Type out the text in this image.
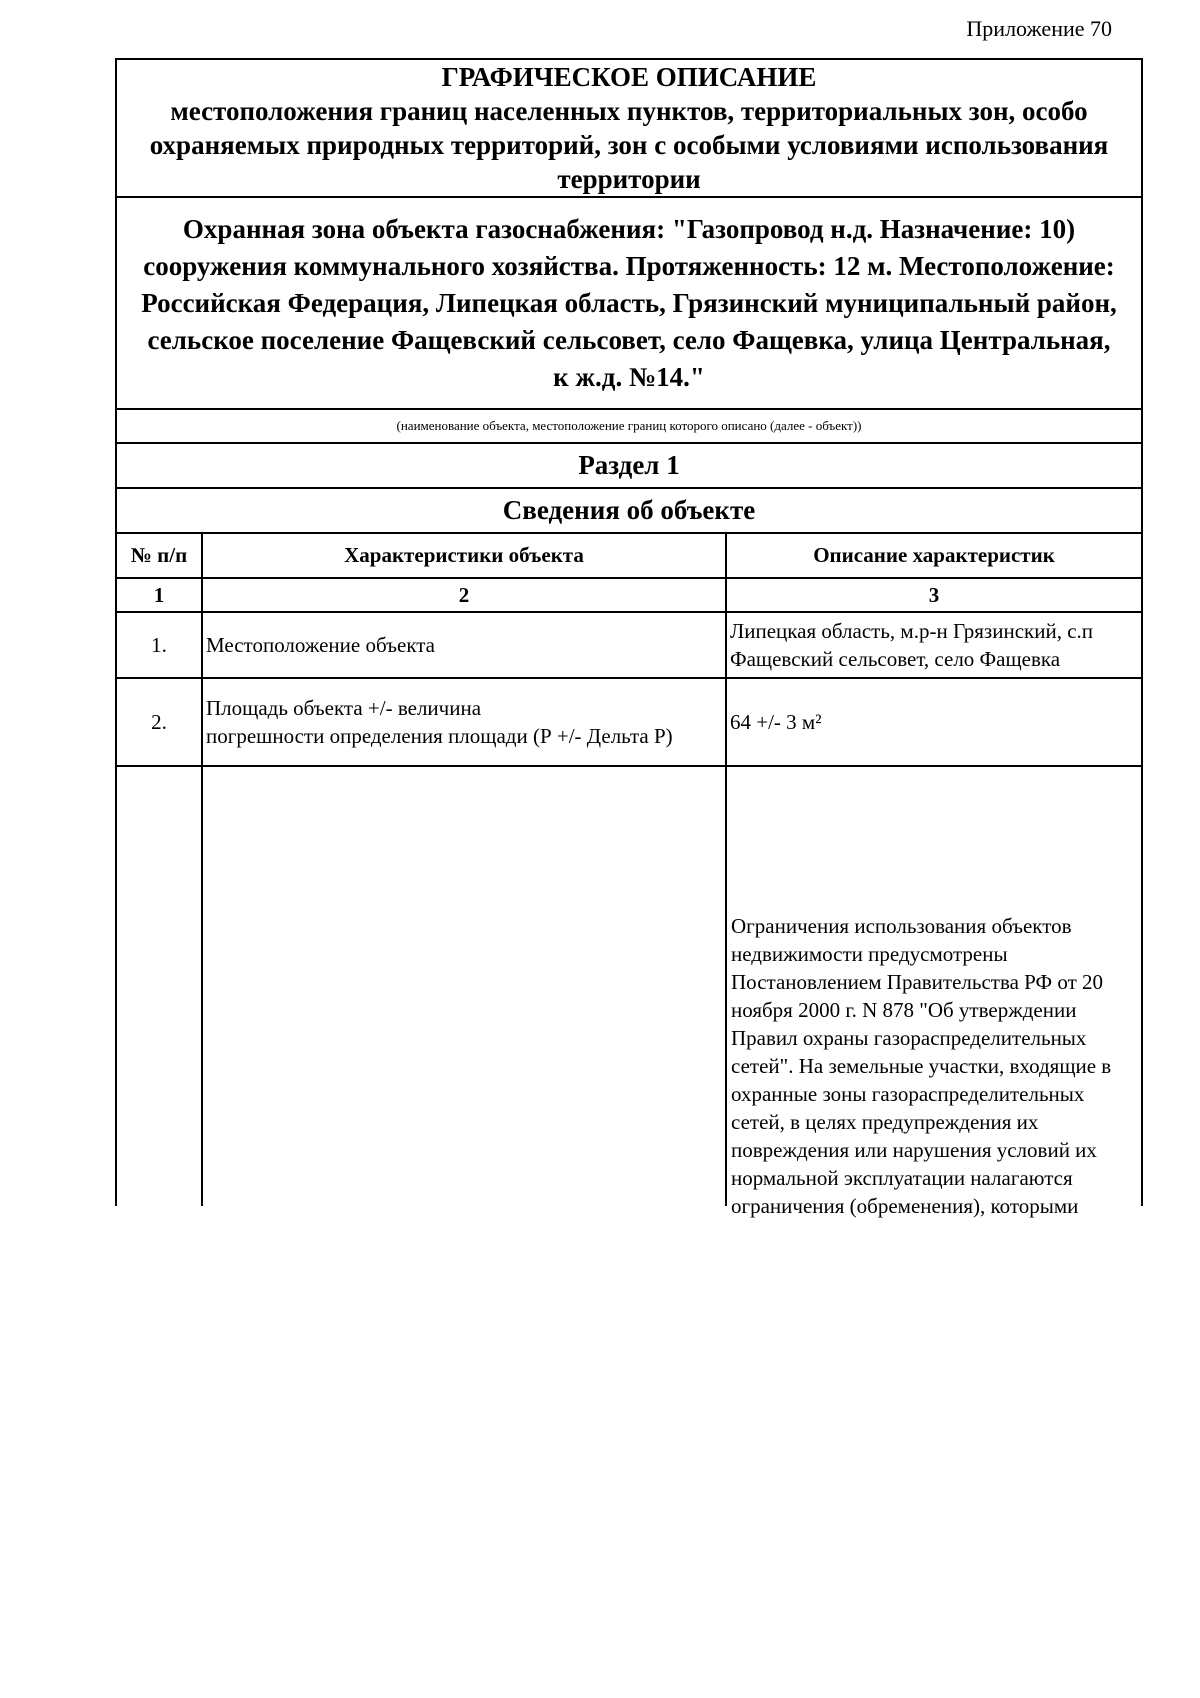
Приложение 70
ГРАФИЧЕСКОЕ ОПИСАНИЕ
местоположения границ населенных пунктов, территориальных зон, особо охраняемых природных территорий, зон с особыми условиями использования территории		

Охранная зона объекта газоснабжения: "Газопровод н.д. Назначение: 10) сооружения коммунального хозяйства. Протяженность: 12 м. Местоположение: Российская Федерация, Липецкая область, Грязинский муниципальный район, сельское поселение Фащевский сельсовет, село Фащевка, улица Центральная, к ж.д. №14."		
(наименование объекта, местоположение границ которого описано (далее - объект))		
Раздел 1		
Сведения об объекте		
№ п/п	Характеристики объекта	Описание характеристик
1	2	3
1.	Местоположение объекта	Липецкая область, м.р-н Грязинский, с.п
Фащевский сельсовет, село Фащевка
2.	Площадь объекта +/- величина
погрешности определения площади (Р +/- Дельта Р)	64 +/- 3 м²

		Ограничения использования объектов недвижимости предусмотрены Постановлением Правительства РФ от 20 ноября 2000 г. N 878 "Об утверждении Правил охраны газораспределительных сетей". На земельные участки, входящие в охранные зоны газораспределительных сетей, в целях предупреждения их повреждения или нарушения условий их нормальной эксплуатации налагаются ограничения (обременения), которыми
